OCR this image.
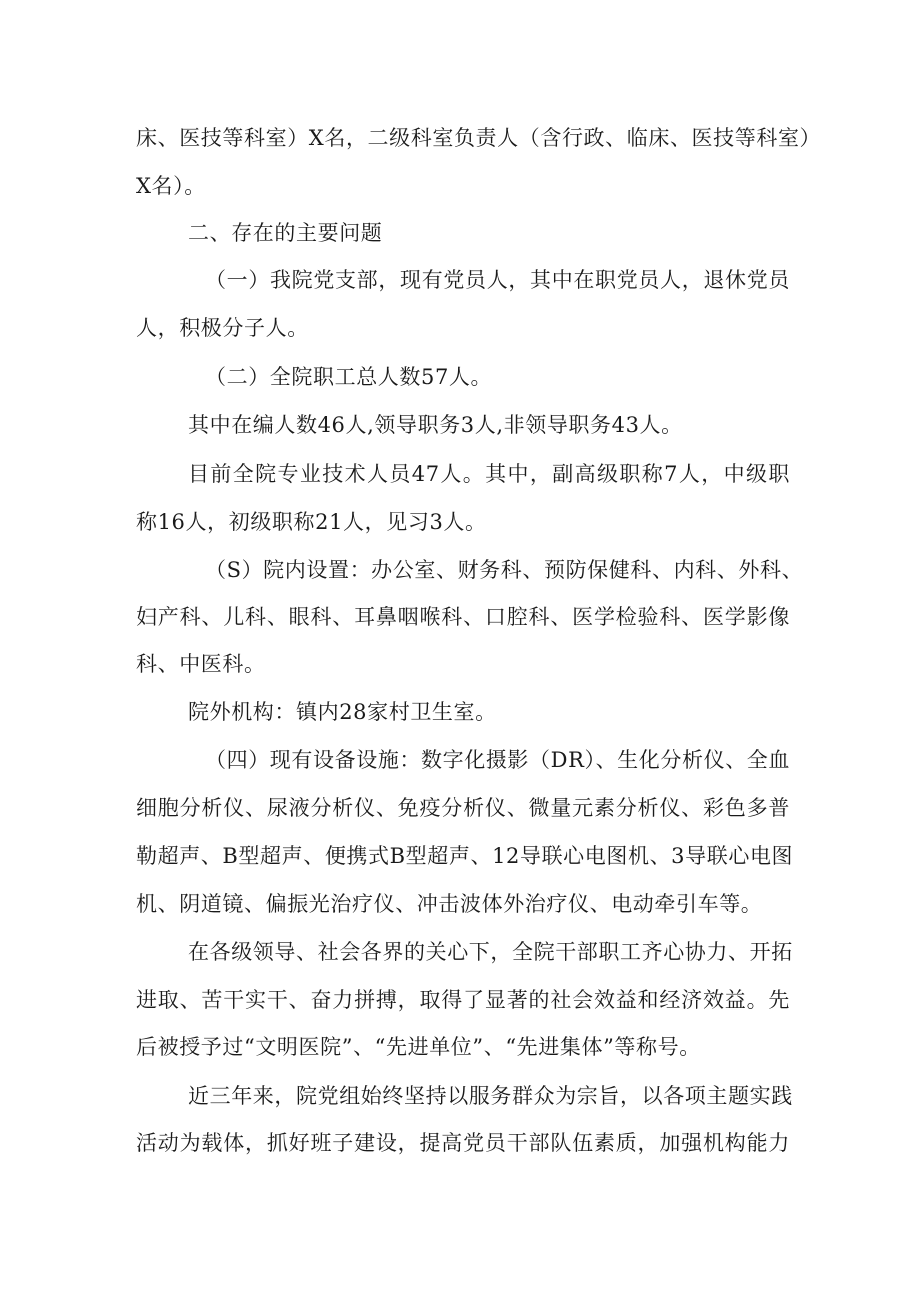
床、医技等科室）X名，二级科室负责人（含行政、临床、医技等科室）
X名）。
二、存在的主要问题
（一）我院党支部，现有党员人，其中在职党员人，退休党员
人，积极分子人。
（二）全院职工总人数57人。
其中在编人数46人,领导职务3人,非领导职务43人。
目前全院专业技术人员47人。其中，副高级职称7人，中级职
称16人，初级职称21人，见习3人。
（S）院内设置：办公室、财务科、预防保健科、内科、外科、
妇产科、儿科、眼科、耳鼻咽喉科、口腔科、医学检验科、医学影像
科、中医科。
院外机构：镇内28家村卫生室。
（四）现有设备设施：数字化摄影（DR）、生化分析仪、全血
细胞分析仪、尿液分析仪、免疫分析仪、微量元素分析仪、彩色多普
勒超声、B型超声、便携式B型超声、12导联心电图机、3导联心电图
机、阴道镜、偏振光治疗仪、冲击波体外治疗仪、电动牵引车等。
在各级领导、社会各界的关心下，全院干部职工齐心协力、开拓
进取、苦干实干、奋力拼搏，取得了显著的社会效益和经济效益。先
后被授予过“文明医院”、“先进单位”、“先进集体”等称号。
近三年来，院党组始终坚持以服务群众为宗旨，以各项主题实践
活动为载体，抓好班子建设，提高党员干部队伍素质，加强机构能力
